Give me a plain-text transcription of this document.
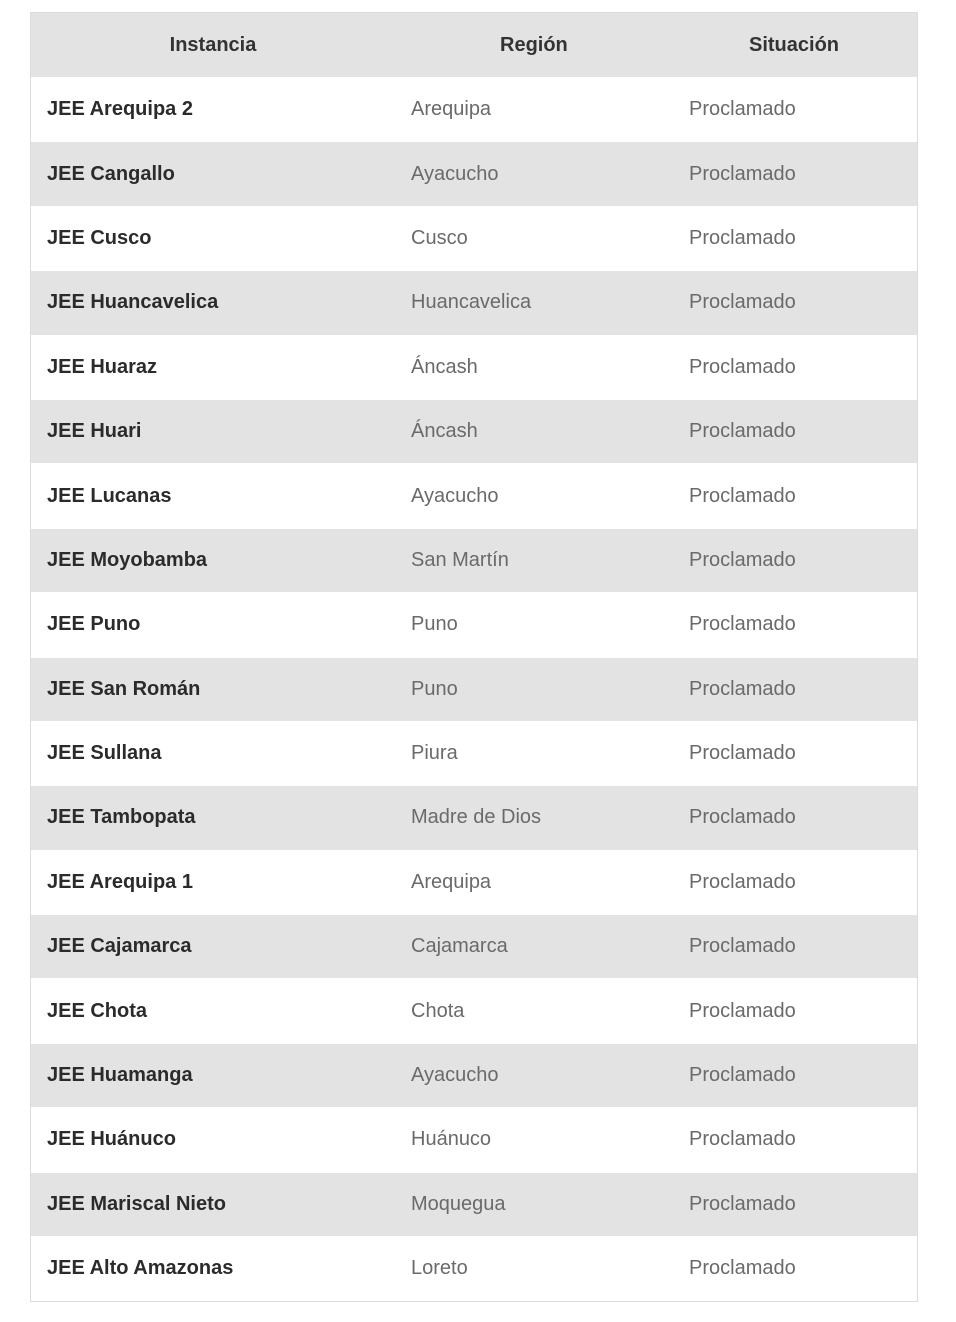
Instancia	Región	Situación
JEE Arequipa 2	Arequipa	Proclamado
JEE Cangallo	Ayacucho	Proclamado
JEE Cusco	Cusco	Proclamado
JEE Huancavelica	Huancavelica	Proclamado
JEE Huaraz	Áncash	Proclamado
JEE Huari	Áncash	Proclamado
JEE Lucanas	Ayacucho	Proclamado
JEE Moyobamba	San Martín	Proclamado
JEE Puno	Puno	Proclamado
JEE San Román	Puno	Proclamado
JEE Sullana	Piura	Proclamado
JEE Tambopata	Madre de Dios	Proclamado
JEE Arequipa 1	Arequipa	Proclamado
JEE Cajamarca	Cajamarca	Proclamado
JEE Chota	Chota	Proclamado
JEE Huamanga	Ayacucho	Proclamado
JEE Huánuco	Huánuco	Proclamado
JEE Mariscal Nieto	Moquegua	Proclamado
JEE Alto Amazonas	Loreto	Proclamado
